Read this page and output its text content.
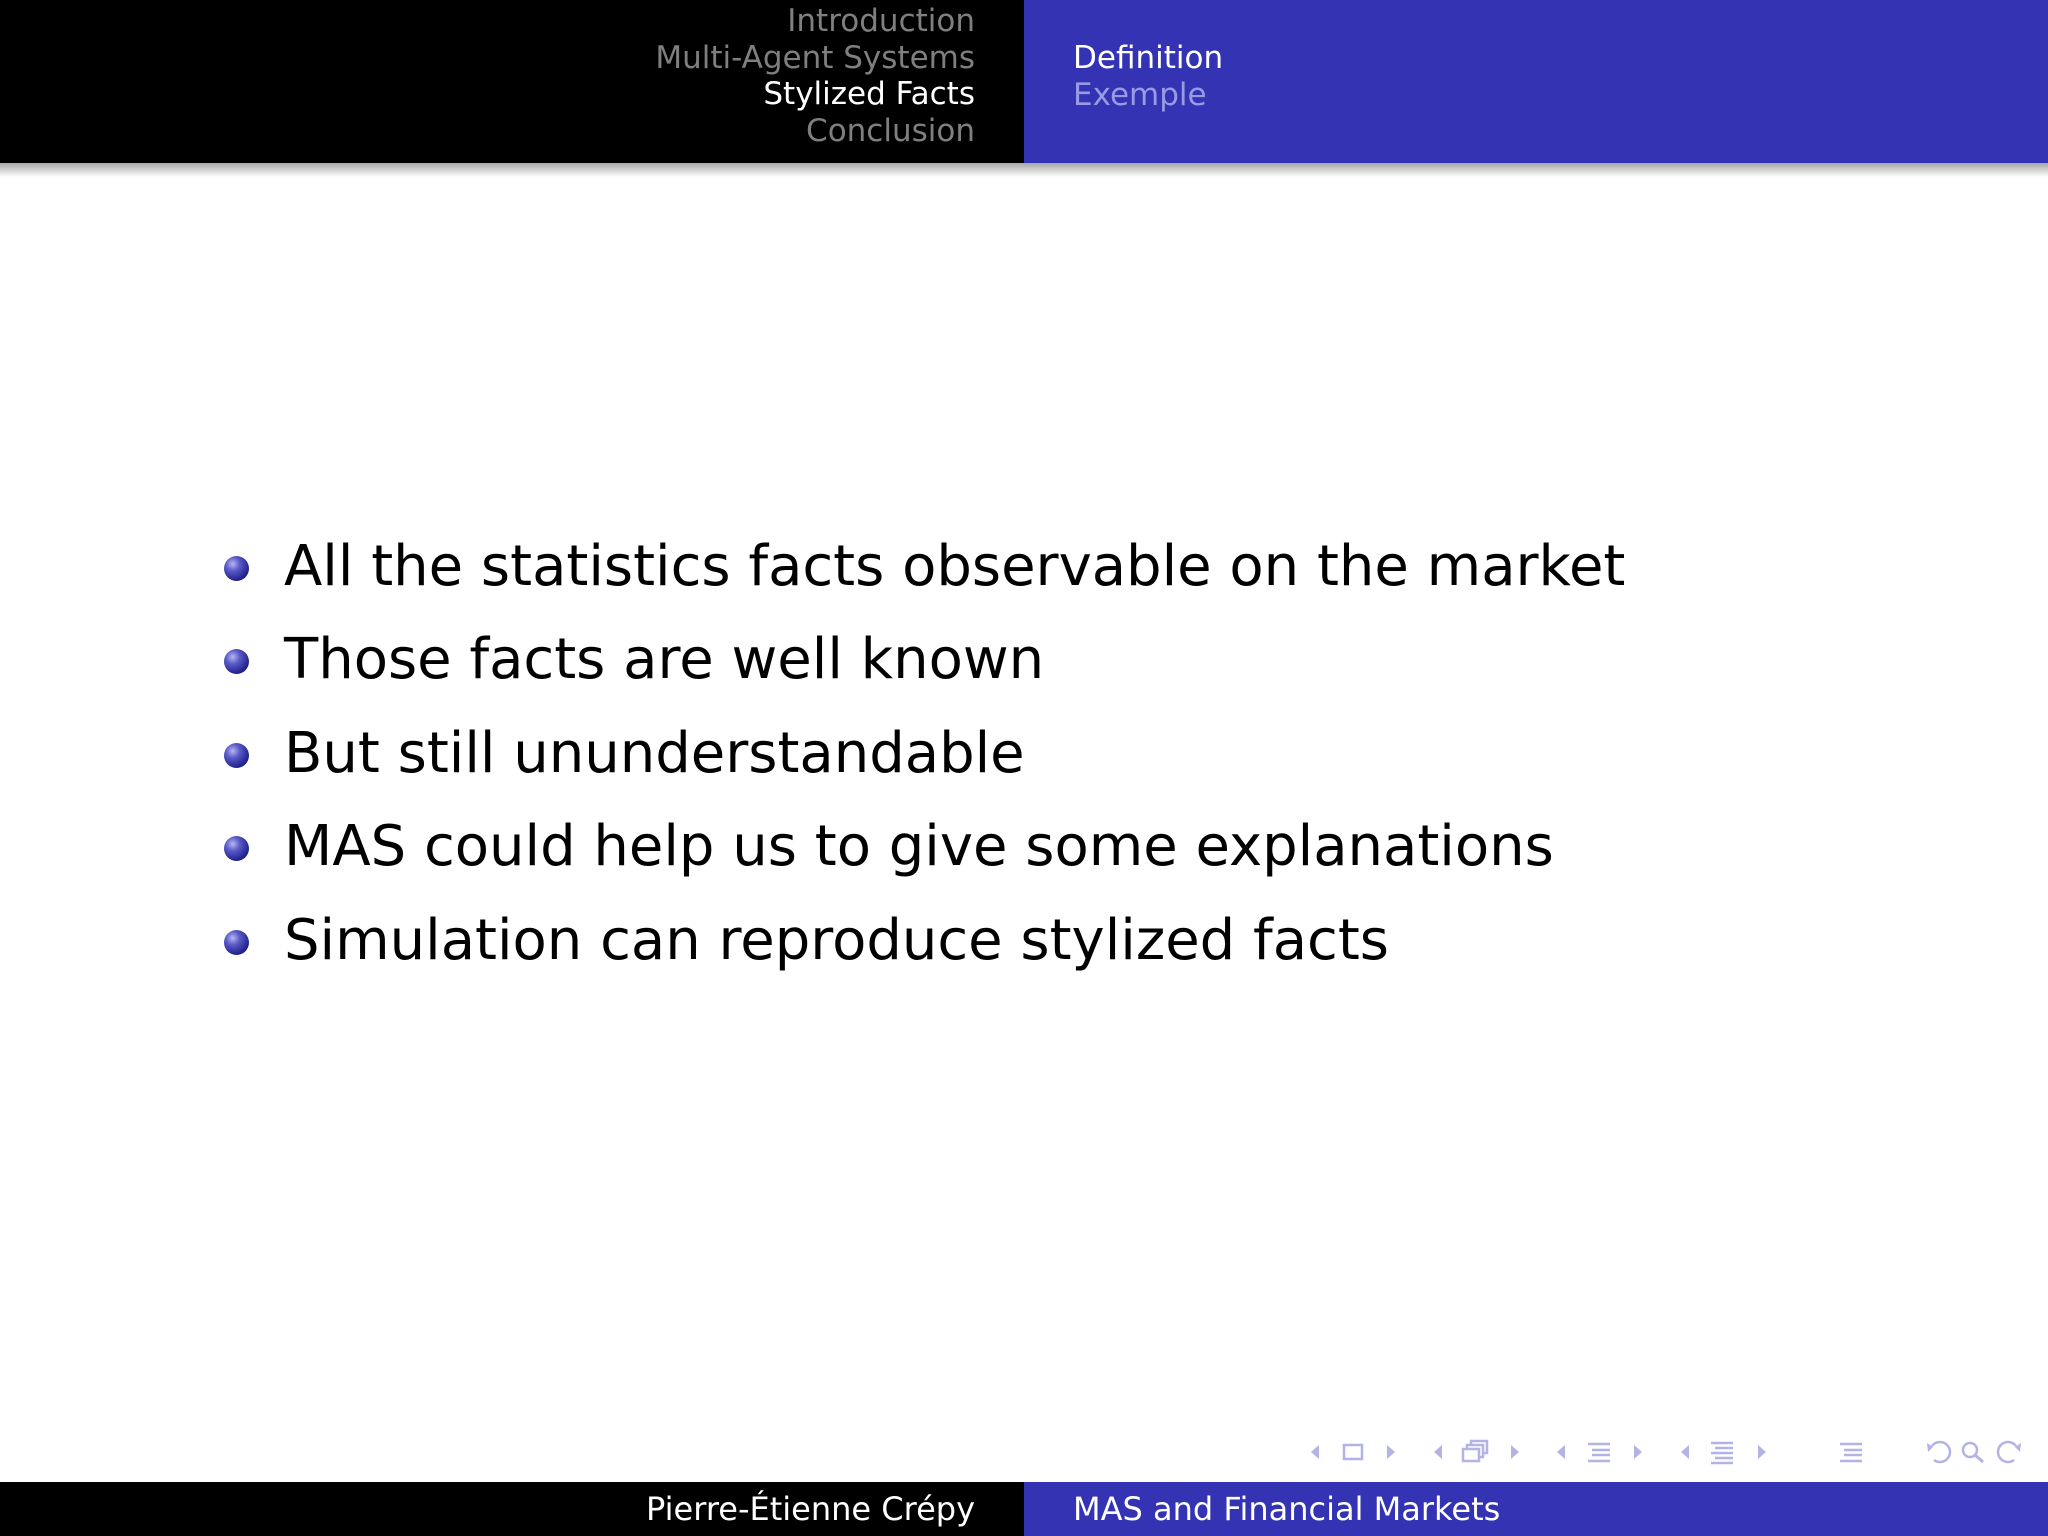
Introduction
Multi-Agent Systems
Stylized Facts
Conclusion
Definition
Exemple
All the statistics facts observable on the market
Those facts are well known
But still ununderstandable
MAS could help us to give some explanations
Simulation can reproduce stylized facts
Pierre-Étienne Crépy	MAS and Financial Markets
